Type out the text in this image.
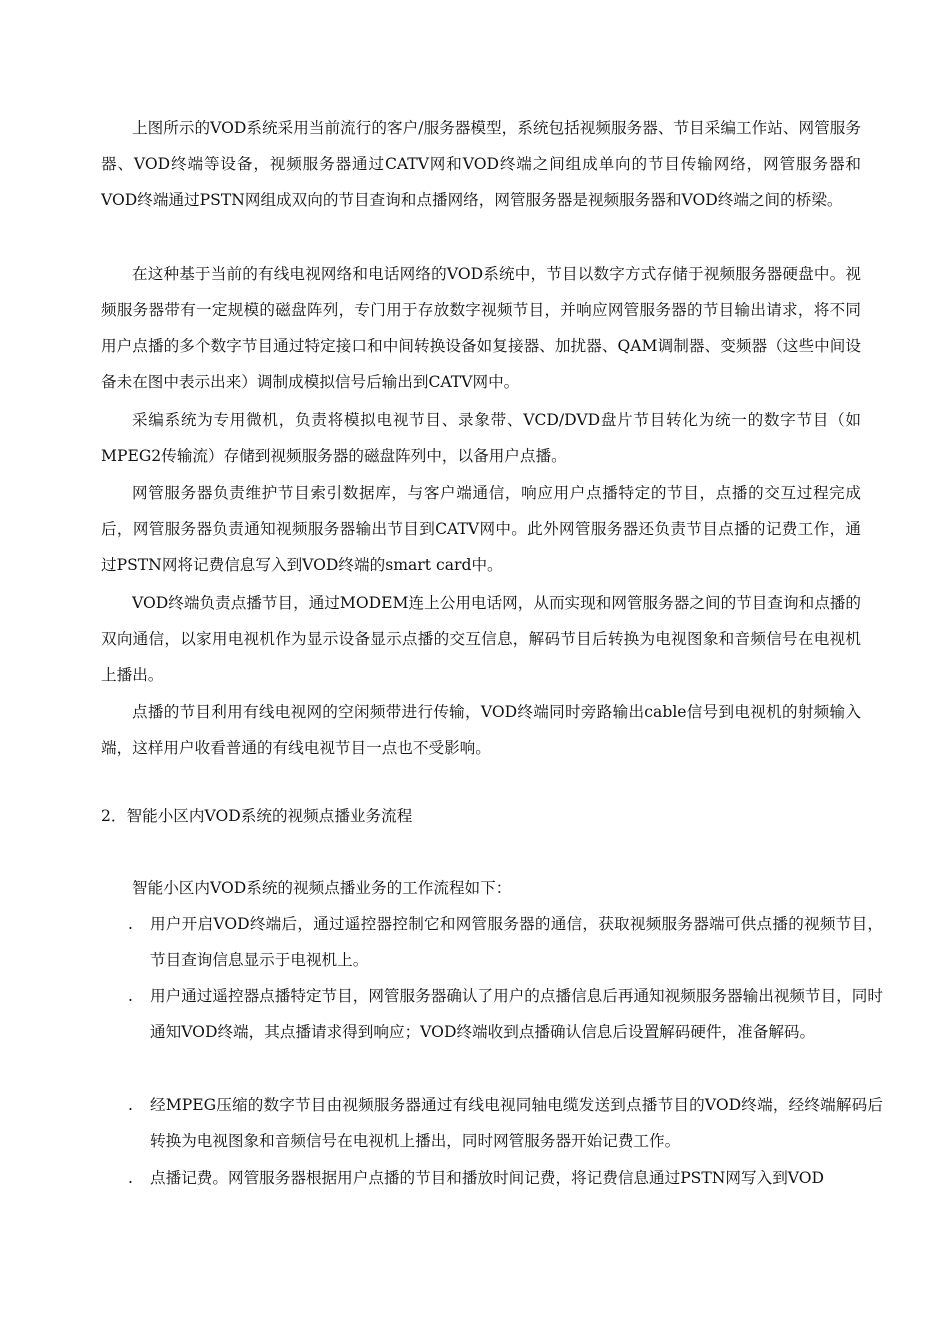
上图所示的VOD系统采用当前流行的客户/服务器模型，系统包括视频服务器、节目采编工作站、网管服务器、VOD终端等设备，视频服务器通过CATV网和VOD终端之间组成单向的节目传输网络，网管服务器和VOD终端通过PSTN网组成双向的节目查询和点播网络，网管服务器是视频服务器和VOD终端之间的桥梁。

在这种基于当前的有线电视网络和电话网络的VOD系统中，节目以数字方式存储于视频服务器硬盘中。视频服务器带有一定规模的磁盘阵列，专门用于存放数字视频节目，并响应网管服务器的节目输出请求，将不同用户点播的多个数字节目通过特定接口和中间转换设备如复接器、加扰器、QAM调制器、变频器（这些中间设备未在图中表示出来）调制成模拟信号后输出到CATV网中。

采编系统为专用微机，负责将模拟电视节目、录象带、VCD/DVD盘片节目转化为统一的数字节目（如MPEG2传输流）存储到视频服务器的磁盘阵列中，以备用户点播。

网管服务器负责维护节目索引数据库，与客户端通信，响应用户点播特定的节目，点播的交互过程完成后，网管服务器负责通知视频服务器输出节目到CATV网中。此外网管服务器还负责节目点播的记费工作，通过PSTN网将记费信息写入到VOD终端的smart card中。

VOD终端负责点播节目，通过MODEM连上公用电话网，从而实现和网管服务器之间的节目查询和点播的双向通信，以家用电视机作为显示设备显示点播的交互信息，解码节目后转换为电视图象和音频信号在电视机上播出。

点播的节目利用有线电视网的空闲频带进行传输，VOD终端同时旁路输出cable信号到电视机的射频输入端，这样用户收看普通的有线电视节目一点也不受影响。

2．智能小区内VOD系统的视频点播业务流程

智能小区内VOD系统的视频点播业务的工作流程如下：

.	用户开启VOD终端后，通过遥控器控制它和网管服务器的通信，获取视频服务器端可供点播的视频节目，节目查询信息显示于电视机上。
.	用户通过遥控器点播特定节目，网管服务器确认了用户的点播信息后再通知视频服务器输出视频节目，同时通知VOD终端，其点播请求得到响应；VOD终端收到点播确认信息后设置解码硬件，准备解码。
.	经MPEG压缩的数字节目由视频服务器通过有线电视同轴电缆发送到点播节目的VOD终端，经终端解码后转换为电视图象和音频信号在电视机上播出，同时网管服务器开始记费工作。
.	点播记费。网管服务器根据用户点播的节目和播放时间记费，将记费信息通过PSTN网写入到VOD
